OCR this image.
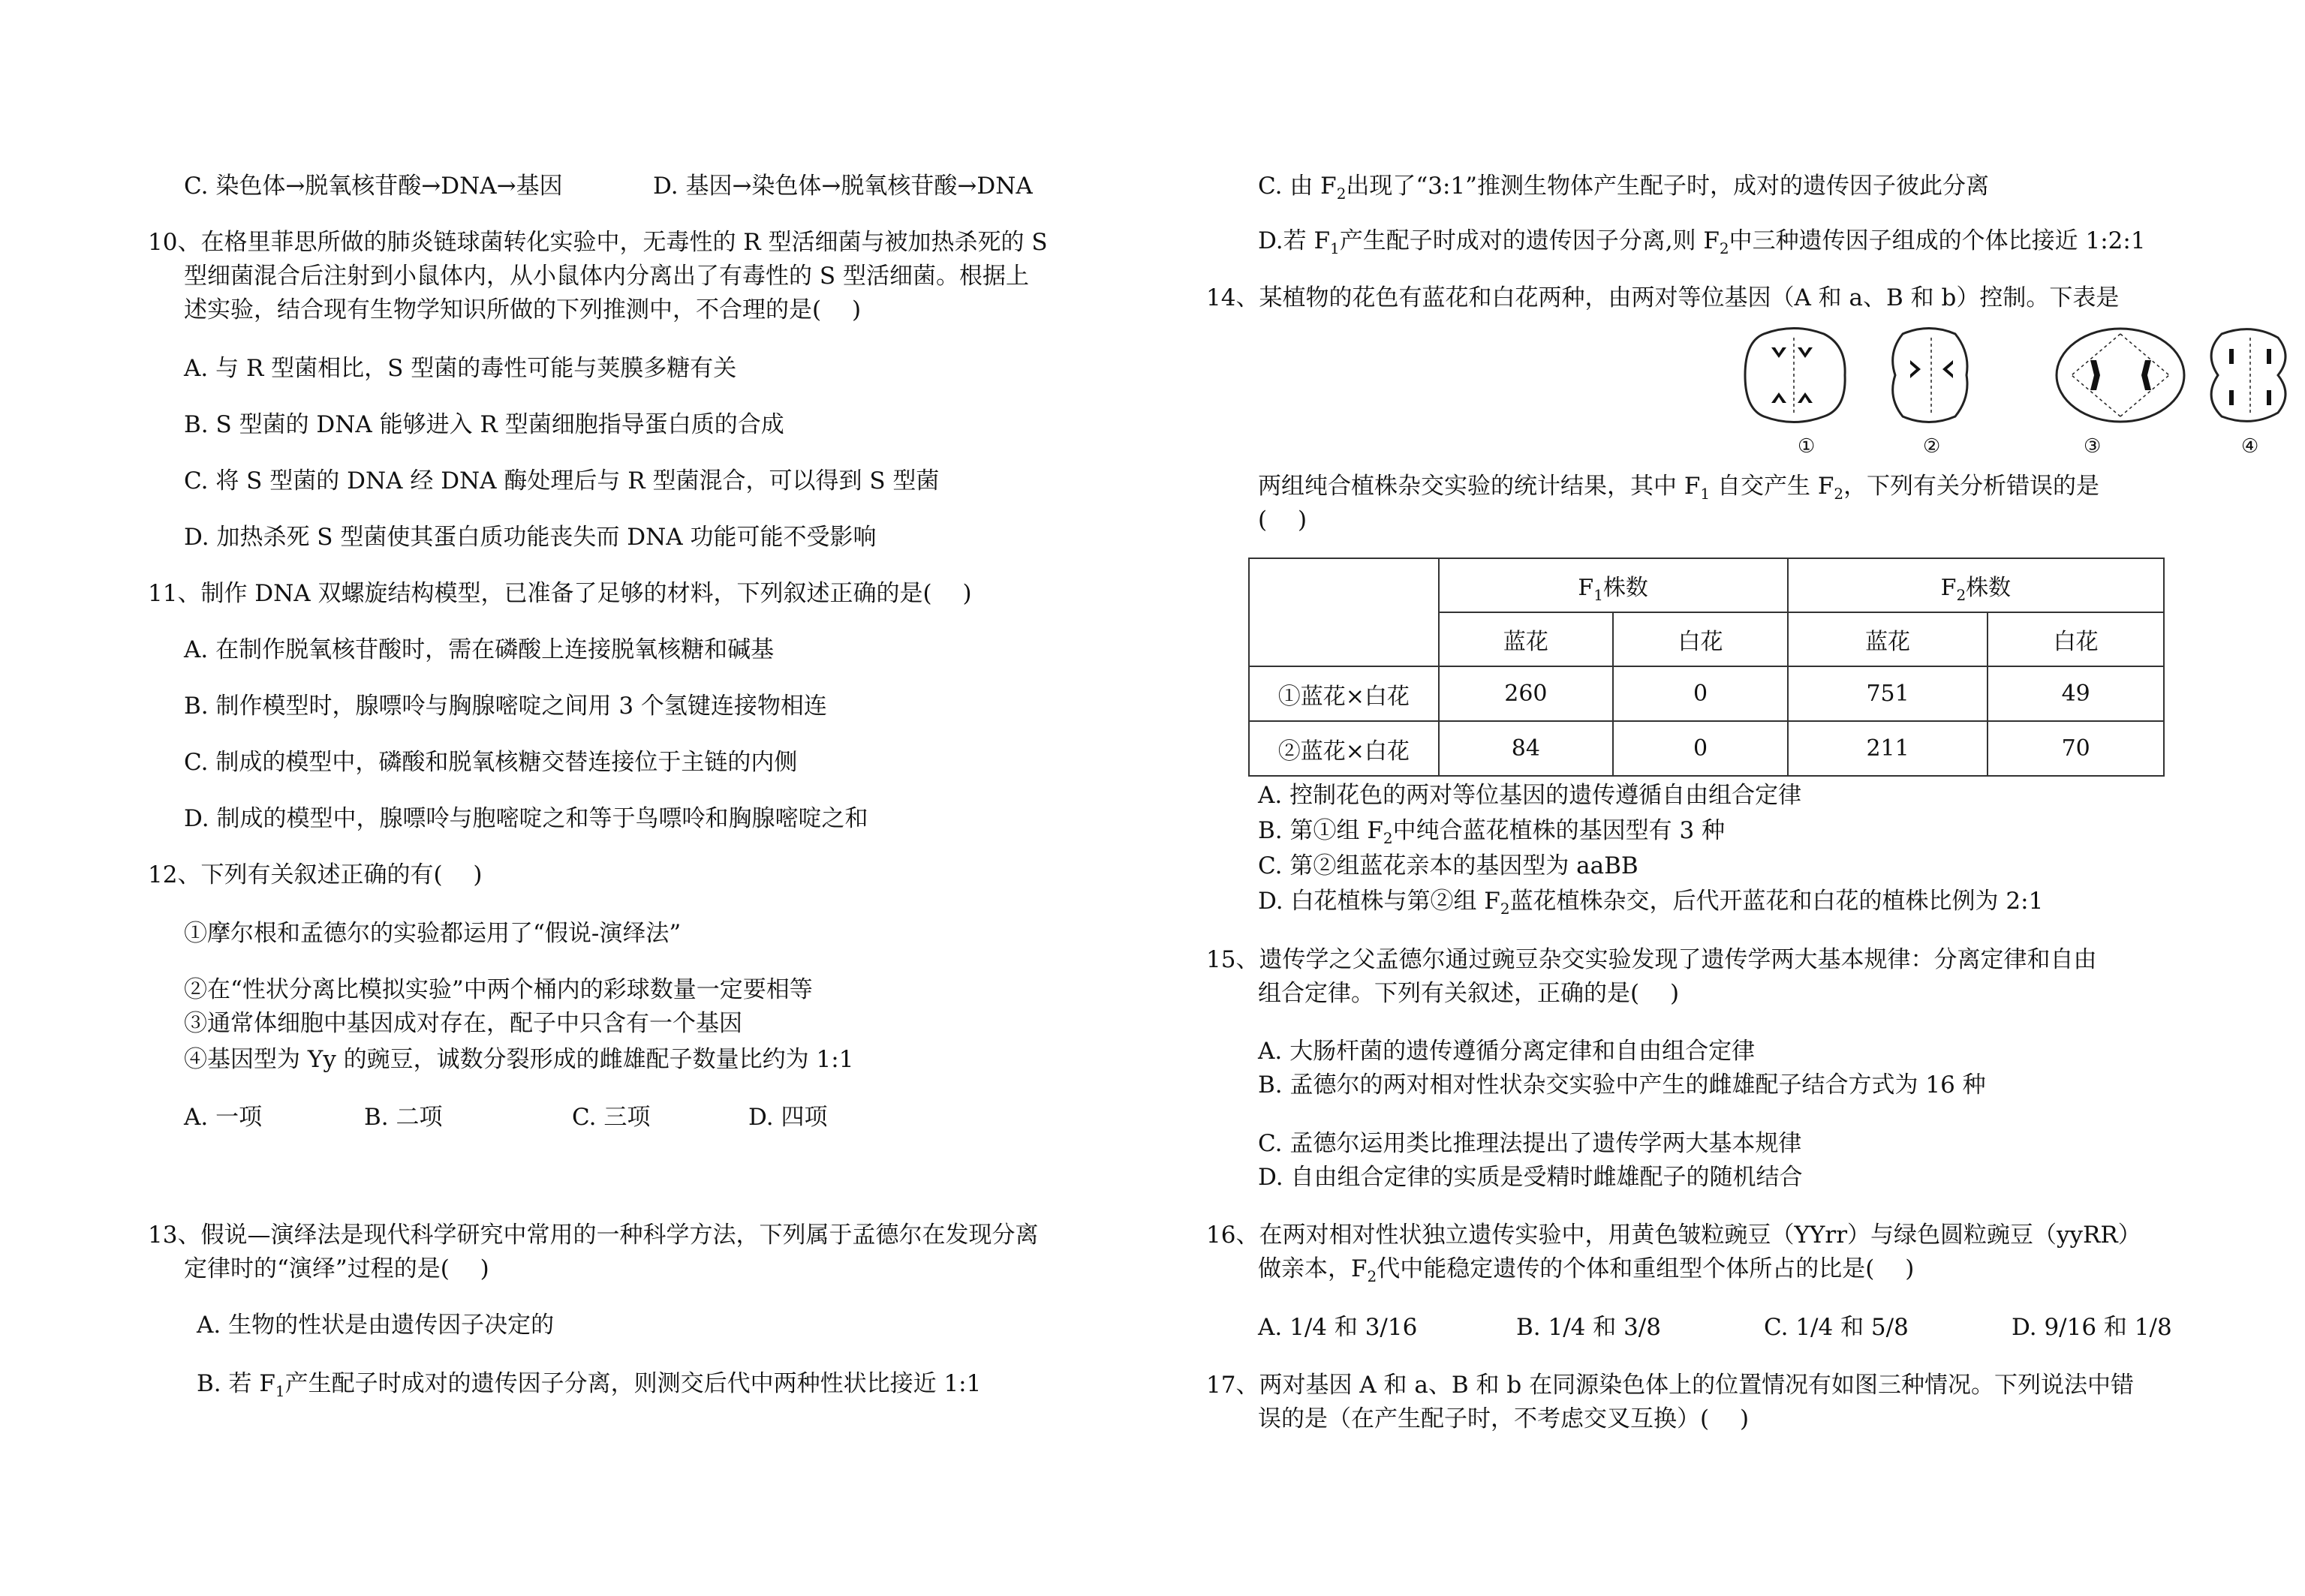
C. 染色体→脱氧核苷酸→DNA→基因	D. 基因→染色体→脱氧核苷酸→DNA
10、在格里菲思所做的肺炎链球菌转化实验中，无毒性的 R 型活细菌与被加热杀死的 S
型细菌混合后注射到小鼠体内，从小鼠体内分离出了有毒性的 S 型活细菌。根据上
述实验，结合现有生物学知识所做的下列推测中，不合理的是(　 )
A. 与 R 型菌相比，S 型菌的毒性可能与荚膜多糖有关
B. S 型菌的 DNA 能够进入 R 型菌细胞指导蛋白质的合成
C. 将 S 型菌的 DNA 经 DNA 酶处理后与 R 型菌混合，可以得到 S 型菌
D. 加热杀死 S 型菌使其蛋白质功能丧失而 DNA 功能可能不受影响
11、制作 DNA 双螺旋结构模型，已准备了足够的材料，下列叙述正确的是(　 )
A. 在制作脱氧核苷酸时，需在磷酸上连接脱氧核糖和碱基
B. 制作模型时，腺嘌呤与胸腺嘧啶之间用 3 个氢键连接物相连
C. 制成的模型中，磷酸和脱氧核糖交替连接位于主链的内侧
D. 制成的模型中，腺嘌呤与胞嘧啶之和等于鸟嘌呤和胸腺嘧啶之和
12、下列有关叙述正确的有(　 )
①摩尔根和孟德尔的实验都运用了“假说-演绎法”
②在“性状分离比模拟实验”中两个桶内的彩球数量一定要相等
③通常体细胞中基因成对存在，配子中只含有一个基因
④基因型为 Yy 的豌豆，诚数分裂形成的雌雄配子数量比约为 1:1
A. 一项	B. 二项	C. 三项	D. 四项
13、假说—演绎法是现代科学研究中常用的一种科学方法，下列属于孟德尔在发现分离
定律时的“演绎”过程的是(　 )
A. 生物的性状是由遗传因子决定的
B. 若 $F_1$产生配子时成对的遗传因子分离，则测交后代中两种性状比接近 1:1
C. 由 $F_2$出现了“3:1”推测生物体产生配子时，成对的遗传因子彼此分离
D.若 $F_1$产生配子时成对的遗传因子分离,则 $F_2$中三种遗传因子组成的个体比接近 1:2:1
14、某植物的花色有蓝花和白花两种，由两对等位基因（A 和 a、B 和 b）控制。下表是
①	②	③	④
两组纯合植株杂交实验的统计结果，其中 $F_1$ 自交产生 $F_2$，下列有关分析错误的是
(　 )
	$F_1$株数		$F_2$株数	
	蓝花	白花	蓝花	白花
①蓝花×白花	260	0	751	49
②蓝花×白花	84	0	211	70
A. 控制花色的两对等位基因的遗传遵循自由组合定律
B. 第①组 $F_2$中纯合蓝花植株的基因型有 3 种
C. 第②组蓝花亲本的基因型为 aaBB
D. 白花植株与第②组 $F_2$蓝花植株杂交，后代开蓝花和白花的植株比例为 2:1
15、遗传学之父孟德尔通过豌豆杂交实验发现了遗传学两大基本规律：分离定律和自由
组合定律。下列有关叙述，正确的是(　 )
A. 大肠杆菌的遗传遵循分离定律和自由组合定律
B. 孟德尔的两对相对性状杂交实验中产生的雌雄配子结合方式为 16 种
C. 孟德尔运用类比推理法提出了遗传学两大基本规律
D. 自由组合定律的实质是受精时雌雄配子的随机结合
16、在两对相对性状独立遗传实验中，用黄色皱粒豌豆（YYrr）与绿色圆粒豌豆（yyRR）
做亲本，$F_2$代中能稳定遗传的个体和重组型个体所占的比是(　 )
A. 1/4 和 3/16	B. 1/4 和 3/8	C. 1/4 和 5/8	D. 9/16 和 1/8
17、两对基因 A 和 a、B 和 b 在同源染色体上的位置情况有如图三种情况。下列说法中错
误的是（在产生配子时，不考虑交叉互换）(　 )
